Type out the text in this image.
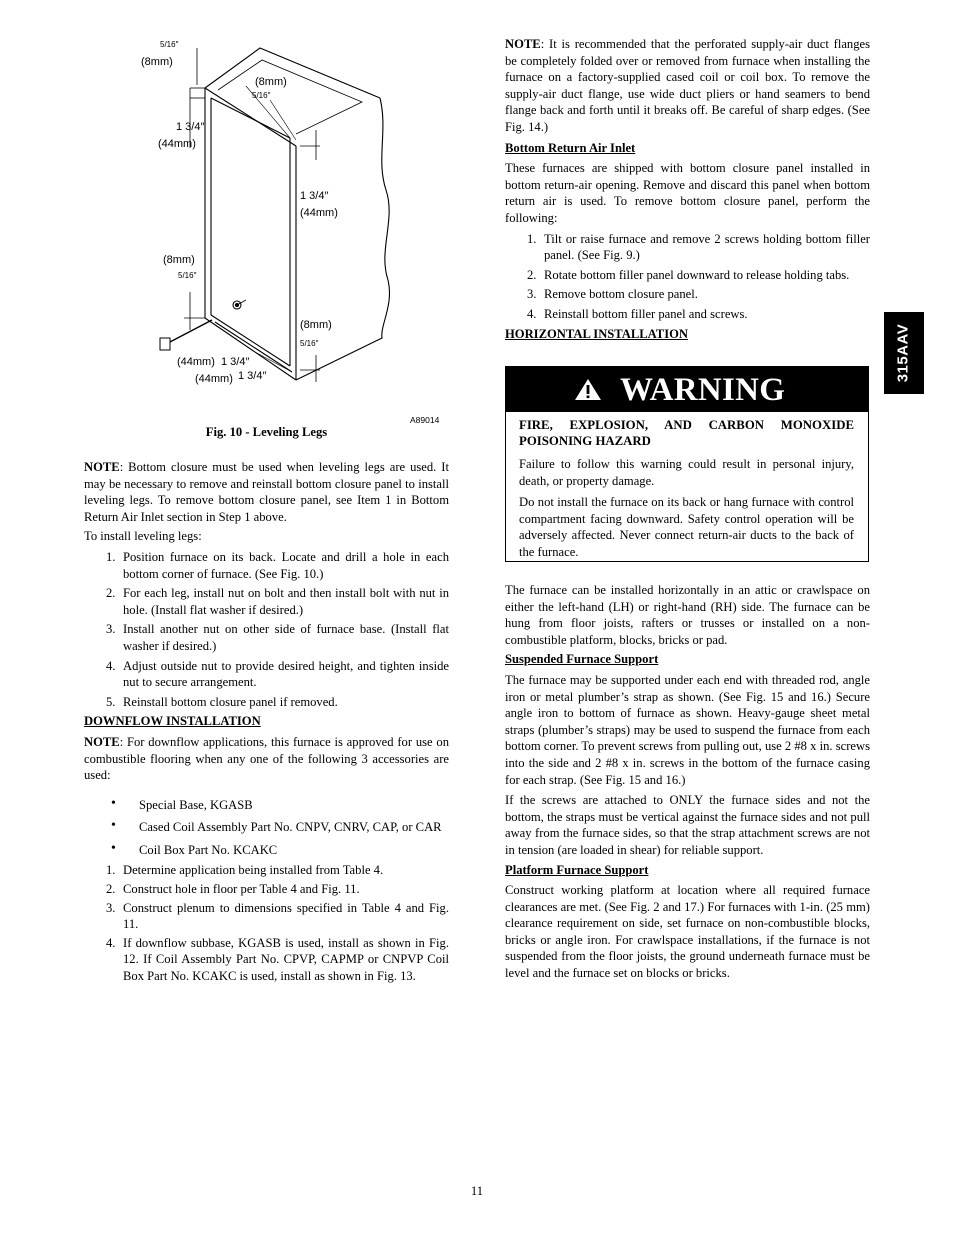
5/16″
(8mm)
(8mm)
5/16″
1 3/4″
(44mm)
1 3/4″
(44mm)
(8mm)
5/16″
(8mm)
5/16″
(44mm) 1 3/4″
(44mm) 1 3/4″
A89014
Fig. 10 - Leveling Legs

NOTE: Bottom closure must be used when leveling legs are used. It may be necessary to remove and reinstall bottom closure panel to install leveling legs. To remove bottom closure panel, see Item 1 in Bottom Return Air Inlet section in Step 1 above.

To install leveling legs:

1. Position furnace on its back. Locate and drill a hole in each bottom corner of furnace. (See Fig. 10.)
2. For each leg, install nut on bolt and then install bolt with nut in hole. (Install flat washer if desired.)
3. Install another nut on other side of furnace base. (Install flat washer if desired.)
4. Adjust outside nut to provide desired height, and tighten inside nut to secure arrangement.
5. Reinstall bottom closure panel if removed.

DOWNFLOW INSTALLATION

NOTE: For downflow applications, this furnace is approved for use on combustible flooring when any one of the following 3 accessories are used:

• Special Base, KGASB
• Cased Coil Assembly Part No. CNPV, CNRV, CAP, or CAR
• Coil Box Part No. KCAKC
1. Determine application being installed from Table 4.
2. Construct hole in floor per Table 4 and Fig. 11.
3. Construct plenum to dimensions specified in Table 4 and Fig. 11.
4. If downflow subbase, KGASB is used, install as shown in Fig. 12. If Coil Assembly Part No. CPVP, CAPMP or CNPVP Coil Box Part No. KCAKC is used, install as shown in Fig. 13.

NOTE: It is recommended that the perforated supply-air duct flanges be completely folded over or removed from furnace when installing the furnace on a factory-supplied cased coil or coil box. To remove the supply-air duct flange, use wide duct pliers or hand seamers to bend flange back and forth until it breaks off. Be careful of sharp edges. (See Fig. 14.)

Bottom Return Air Inlet

These furnaces are shipped with bottom closure panel installed in bottom return-air opening. Remove and discard this panel when bottom return air is used. To remove bottom closure panel, perform the following:

1. Tilt or raise furnace and remove 2 screws holding bottom filler panel. (See Fig. 9.)
2. Rotate bottom filler panel downward to release holding tabs.
3. Remove bottom closure panel.
4. Reinstall bottom filler panel and screws.

HORIZONTAL INSTALLATION

WARNING

FIRE, EXPLOSION, AND CARBON MONOXIDE POISONING HAZARD

Failure to follow this warning could result in personal injury, death, or property damage.

Do not install the furnace on its back or hang furnace with control compartment facing downward. Safety control operation will be adversely affected. Never connect return-air ducts to the back of the furnace.

The furnace can be installed horizontally in an attic or crawlspace on either the left-hand (LH) or right-hand (RH) side. The furnace can be hung from floor joists, rafters or trusses or installed on a non-combustible platform, blocks, bricks or pad.

Suspended Furnace Support

The furnace may be supported under each end with threaded rod, angle iron or metal plumber’s strap as shown. (See Fig. 15 and 16.) Secure angle iron to bottom of furnace as shown. Heavy-gauge sheet metal straps (plumber’s straps) may be used to suspend the furnace from each bottom corner. To prevent screws from pulling out, use 2 #8 x in. screws into the side and 2 #8 x in. screws in the bottom of the furnace casing for each strap. (See Fig. 15 and 16.)

If the screws are attached to ONLY the furnace sides and not the bottom, the straps must be vertical against the furnace sides and not pull away from the furnace sides, so that the strap attachment screws are not in tension (are loaded in shear) for reliable support.

Platform Furnace Support

Construct working platform at location where all required furnace clearances are met. (See Fig. 2 and 17.) For furnaces with 1-in. (25 mm) clearance requirement on side, set furnace on non-combustible blocks, bricks or angle iron. For crawlspace installations, if the furnace is not suspended from the floor joists, the ground underneath furnace must be level and the furnace set on blocks or bricks.

315AAV
11
